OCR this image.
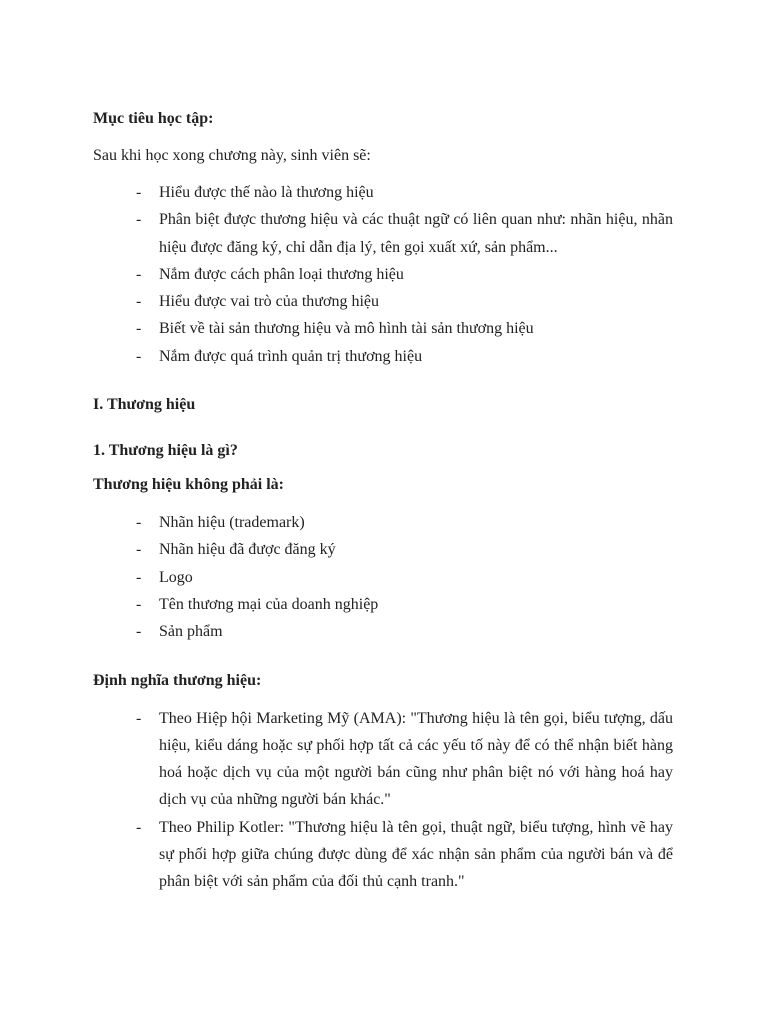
Mục tiêu học tập:
Sau khi học xong chương này, sinh viên sẽ:
- Hiểu được thế nào là thương hiệu
- Phân biệt được thương hiệu và các thuật ngữ có liên quan như: nhãn hiệu, nhãn hiệu được đăng ký, chỉ dẫn địa lý, tên gọi xuất xứ, sản phẩm...
- Nắm được cách phân loại thương hiệu
- Hiểu được vai trò của thương hiệu
- Biết về tài sản thương hiệu và mô hình tài sản thương hiệu
- Nắm được quá trình quản trị thương hiệu
I. Thương hiệu
1. Thương hiệu là gì?
Thương hiệu không phải là:
- Nhãn hiệu (trademark)
- Nhãn hiệu đã được đăng ký
- Logo
- Tên thương mại của doanh nghiệp
- Sản phẩm
Định nghĩa thương hiệu:
- Theo Hiệp hội Marketing Mỹ (AMA): "Thương hiệu là tên gọi, biểu tượng, dấu hiệu, kiểu dáng hoặc sự phối hợp tất cả các yếu tố này để có thể nhận biết hàng hoá hoặc dịch vụ của một người bán cũng như phân biệt nó với hàng hoá hay dịch vụ của những người bán khác."
- Theo Philip Kotler: "Thương hiệu là tên gọi, thuật ngữ, biểu tượng, hình vẽ hay sự phối hợp giữa chúng được dùng để xác nhận sản phẩm của người bán và để phân biệt với sản phẩm của đối thủ cạnh tranh."
